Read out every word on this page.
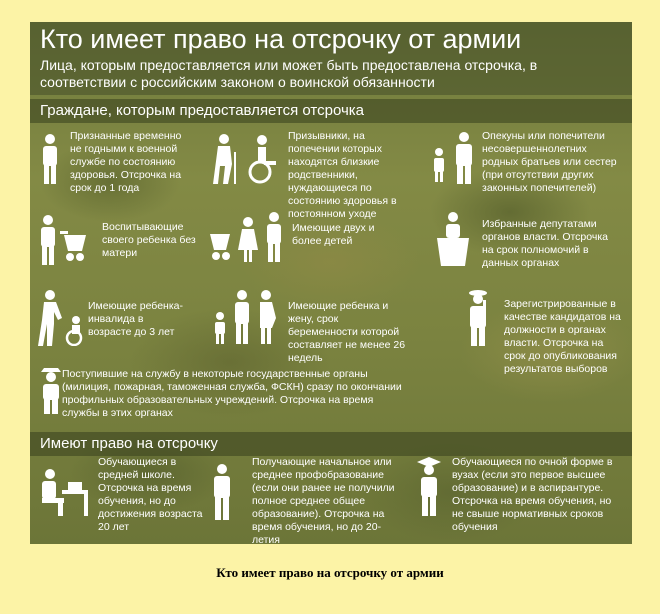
Кто имеет право на отсрочку от армии
Лица, которым предоставляется или может быть предоставлена отсрочка, в соответствии с российским законом о воинской обязанности
Граждане, которым предоставляется отсрочка
Признанные временно не годными к военной службе по состоянию здоровья. Отсрочка на срок до 1 года
Призывники, на попечении которых находятся близкие родственники, нуждающиеся по состоянию здоровья в постоянном уходе
Опекуны или попечители несовершеннолетних родных братьев или сестер (при отсутствии других законных попечителей)
Воспитывающие своего ребенка без матери
Имеющие двух и более детей
Избранные депутатами органов власти. Отсрочка на срок полномочий в данных органах
Имеющие ребенка-инвалида в возрасте до 3 лет
Имеющие ребенка и жену, срок беременности которой составляет не менее 26 недель
Зарегистрированные в качестве кандидатов на должности в органах власти. Отсрочка на срок до опубликования результатов выборов
Поступившие на службу в некоторые государственные органы (милиция, пожарная, таможенная служба, ФСКН) сразу по окончании профильных образовательных учреждений. Отсрочка на время службы в этих органах
Имеют право на отсрочку
Обучающиеся в средней школе. Отсрочка на время обучения, но до достижения возраста 20 лет
Получающие начальное или среднее профобразование (если они ранее не получили полное среднее общее образование). Отсрочка на время обучения, но до 20-летия
Обучающиеся по очной форме в вузах (если это первое высшее образование) и в аспирантуре. Отсрочка на время обучения, но не свыше нормативных сроков обучения
Кто имеет право на отсрочку от армии
